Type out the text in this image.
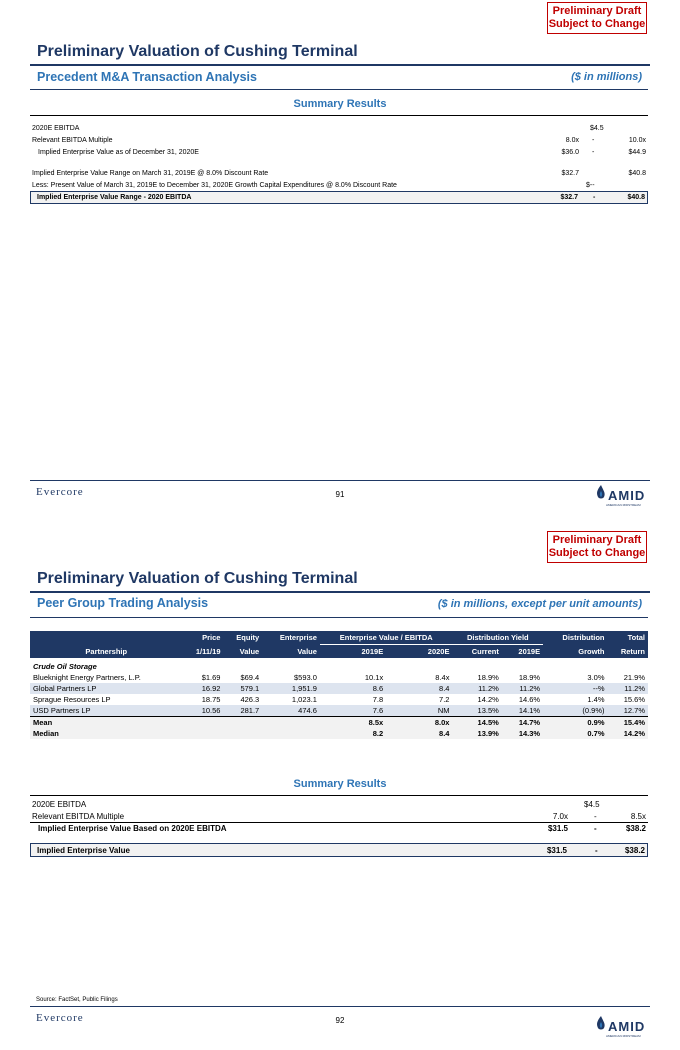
Preliminary Draft
Subject to Change
Preliminary Valuation of Cushing Terminal
Precedent M&A Transaction Analysis	($ in millions)
Summary Results
2020E EBITDA	$4.5
Relevant EBITDA Multiple	8.0x -	10.0x
Implied Enterprise Value as of December 31, 2020E	$36.0 -	$44.9
Implied Enterprise Value Range on March 31, 2019E @ 8.0% Discount Rate	$32.7	$40.8
Less: Present Value of March 31, 2019E to December 31, 2020E Growth Capital Expenditures @ 8.0% Discount Rate	$--
Implied Enterprise Value Range - 2020 EBITDA	$32.7 -	$40.8
Evercore	91	AMID
AMERICAN MIDSTREAM
Preliminary Draft
Subject to Change
Preliminary Valuation of Cushing Terminal
Peer Group Trading Analysis	($ in millions, except per unit amounts)
	Price	Equity	Enterprise	Enterprise Value / EBITDA		Distribution Yield		Distribution	Total
Partnership	1/11/19	Value	Value	2019E	2020E	Current	2019E	Growth	Return
Crude Oil Storage									
Blueknight Energy Partners, L.P.	$1.69	$69.4	$593.0	10.1x	8.4x	18.9%	18.9%	3.0%	21.9%
Global Partners LP	16.92	579.1	1,951.9	8.6	8.4	11.2%	11.2%	--%	11.2%
Sprague Resources LP	18.75	426.3	1,023.1	7.8	7.2	14.2%	14.6%	1.4%	15.6%
USD Partners LP	10.56	281.7	474.6	7.6	NM	13.5%	14.1%	(0.9%)	12.7%
Mean				8.5x	8.0x	14.5%	14.7%	0.9%	15.4%
Median				8.2	8.4	13.9%	14.3%	0.7%	14.2%
Summary Results
2020E EBITDA	$4.5
Relevant EBITDA Multiple	7.0x	-	8.5x
Implied Enterprise Value Based on 2020E EBITDA	$31.5	-	$38.2
Implied Enterprise Value	$31.5	-	$38.2
Source: FactSet, Public Filings
Evercore	92	AMID
AMERICAN MIDSTREAM
